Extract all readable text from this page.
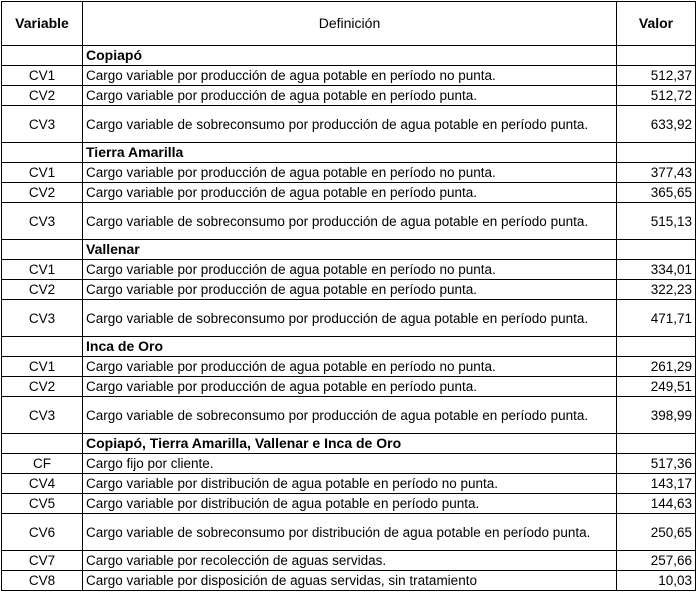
Variable	Definición	Valor
	Copiapó	
CV1	Cargo variable por producción de agua potable en período no punta.	512,37
CV2	Cargo variable por producción de agua potable en período punta.	512,72
CV3	Cargo variable de sobreconsumo por producción de agua potable en período punta.	633,92
	Tierra Amarilla	
CV1	Cargo variable por producción de agua potable en período no punta.	377,43
CV2	Cargo variable por producción de agua potable en período punta.	365,65
CV3	Cargo variable de sobreconsumo por producción de agua potable en período punta.	515,13
	Vallenar	
CV1	Cargo variable por producción de agua potable en período no punta.	334,01
CV2	Cargo variable por producción de agua potable en período punta.	322,23
CV3	Cargo variable de sobreconsumo por producción de agua potable en período punta.	471,71
	Inca de Oro	
CV1	Cargo variable por producción de agua potable en período no punta.	261,29
CV2	Cargo variable por producción de agua potable en período punta.	249,51
CV3	Cargo variable de sobreconsumo por producción de agua potable en período punta.	398,99
	Copiapó, Tierra Amarilla, Vallenar e Inca de Oro	
CF	Cargo fijo por cliente.	517,36
CV4	Cargo variable por distribución de agua potable en período no punta.	143,17
CV5	Cargo variable por distribución de agua potable en período punta.	144,63
CV6	Cargo variable de sobreconsumo por distribución de agua potable en período punta.	250,65
CV7	Cargo variable por recolección de aguas servidas.	257,66
CV8	Cargo variable por disposición de aguas servidas, sin tratamiento	10,03
